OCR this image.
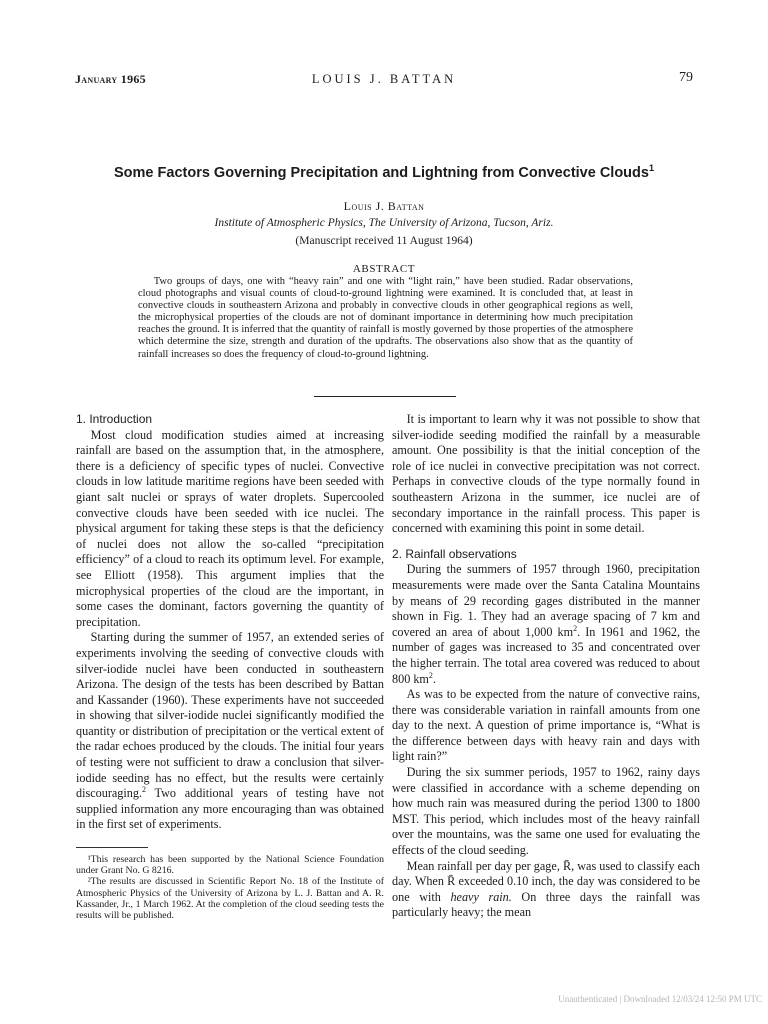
January 1965	LOUIS J. BATTAN	79
Some Factors Governing Precipitation and Lightning from Convective Clouds$^1$
Louis J. Battan
Institute of Atmospheric Physics, The University of Arizona, Tucson, Ariz.
(Manuscript received 11 August 1964)
ABSTRACT
Two groups of days, one with “heavy rain” and one with “light rain,” have been studied. Radar observations, cloud photographs and visual counts of cloud-to-ground lightning were examined. It is concluded that, at least in convective clouds in southeastern Arizona and probably in convective clouds in other geographical regions as well, the microphysical properties of the clouds are not of dominant importance in determining how much precipitation reaches the ground. It is inferred that the quantity of rainfall is mostly governed by those properties of the atmosphere which determine the size, strength and duration of the updrafts. The observations also show that as the quantity of rainfall increases so does the frequency of cloud-to-ground lightning.

1. Introduction

Most cloud modification studies aimed at increasing rainfall are based on the assumption that, in the atmosphere, there is a deficiency of specific types of nuclei. Convective clouds in low latitude maritime regions have been seeded with giant salt nuclei or sprays of water droplets. Supercooled convective clouds have been seeded with ice nuclei. The physical argument for taking these steps is that the deficiency of nuclei does not allow the so-called “precipitation efficiency” of a cloud to reach its optimum level. For example, see Elliott (1958). This argument implies that the microphysical properties of the cloud are the important, in some cases the dominant, factors governing the quantity of precipitation.

Starting during the summer of 1957, an extended series of experiments involving the seeding of convective clouds with silver-iodide nuclei have been conducted in southeastern Arizona. The design of the tests has been described by Battan and Kassander (1960). These experiments have not succeeded in showing that silver-iodide nuclei significantly modified the quantity or distribution of precipitation or the vertical extent of the radar echoes produced by the clouds. The initial four years of testing were not sufficient to draw a conclusion that silver-iodide seeding has no effect, but the results were certainly discouraging.$^2$ Two additional years of testing have not supplied information any more encouraging than was obtained in the first set of experiments.

¹This research has been supported by the National Science Foundation under Grant No. G 8216.

²The results are discussed in Scientific Report No. 18 of the Institute of Atmospheric Physics of the University of Arizona by L. J. Battan and A. R. Kassander, Jr., 1 March 1962. At the completion of the cloud seeding tests the results will be published.

It is important to learn why it was not possible to show that silver-iodide seeding modified the rainfall by a measurable amount. One possibility is that the initial conception of the role of ice nuclei in convective precipitation was not correct. Perhaps in convective clouds of the type normally found in southeastern Arizona in the summer, ice nuclei are of secondary importance in the rainfall process. This paper is concerned with examining this point in some detail.

2. Rainfall observations

During the summers of 1957 through 1960, precipitation measurements were made over the Santa Catalina Mountains by means of 29 recording gages distributed in the manner shown in Fig. 1. They had an average spacing of 7 km and covered an area of about 1,000 $km^2$. In 1961 and 1962, the number of gages was increased to 35 and concentrated over the higher terrain. The total area covered was reduced to about 800 $km^2$.

As was to be expected from the nature of convective rains, there was considerable variation in rainfall amounts from one day to the next. A question of prime importance is, “What is the difference between days with heavy rain and days with light rain?”

During the six summer periods, 1957 to 1962, rainy days were classified in accordance with a scheme depending on how much rain was measured during the period 1300 to 1800 MST. This period, which includes most of the heavy rainfall over the mountains, was the same one used for evaluating the effects of the cloud seeding.

Mean rainfall per day per gage, R̄, was used to classify each day. When R̄ exceeded 0.10 inch, the day was considered to be one with heavy rain. On three days the rainfall was particularly heavy; the mean

Unauthenticated | Downloaded 12/03/24 12:50 PM UTC
